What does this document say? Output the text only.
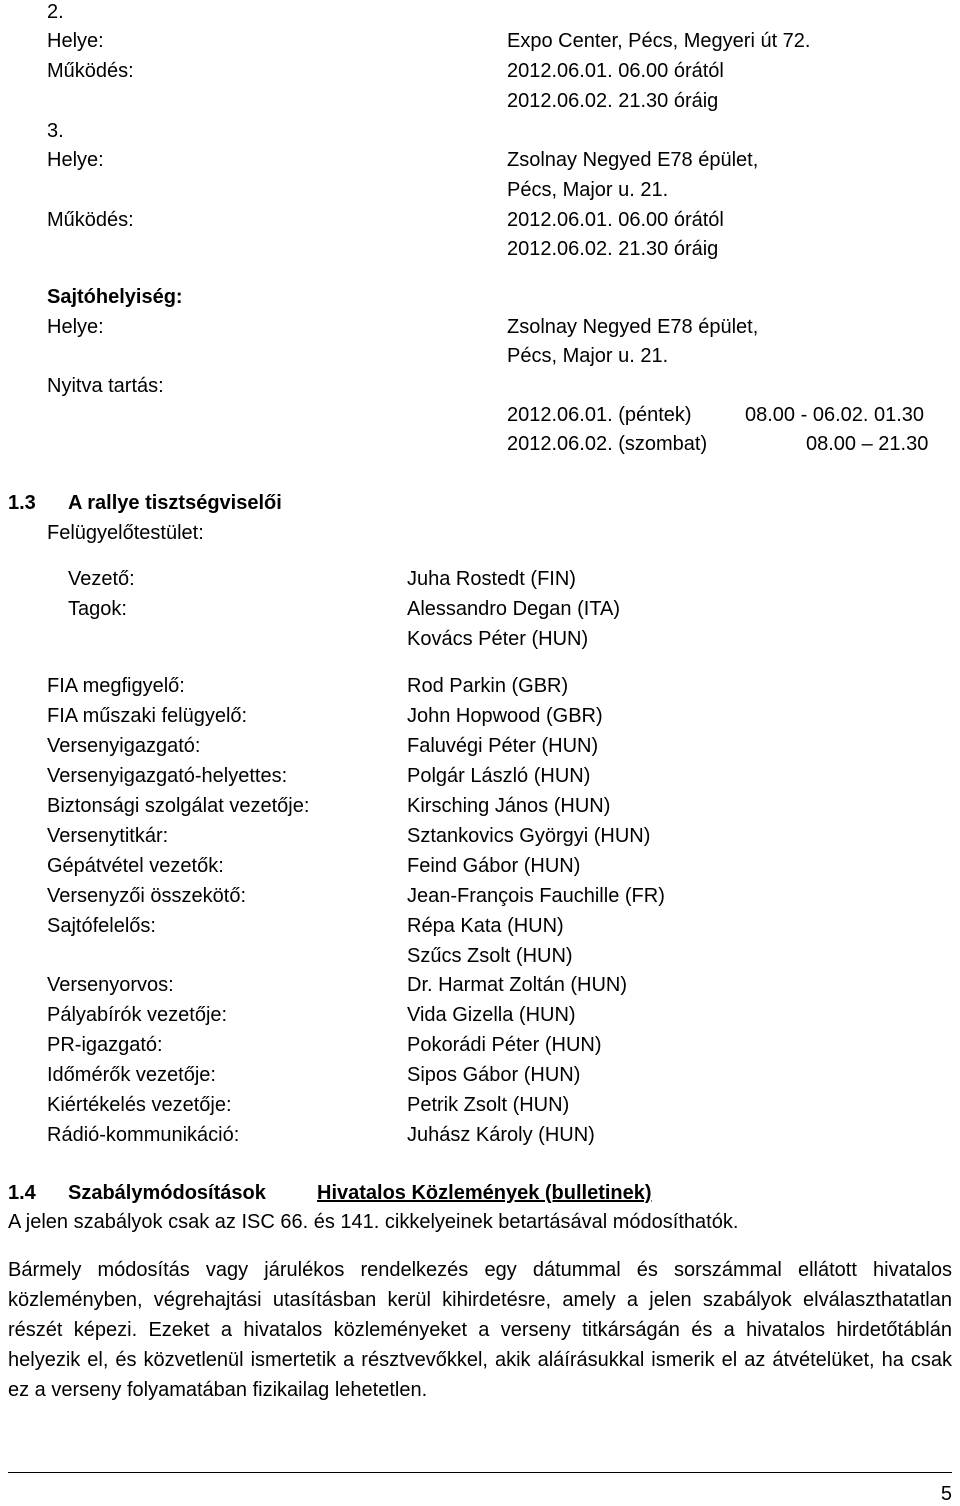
2.
Helye:	Expo Center, Pécs, Megyeri út 72.
Működés:	2012.06.01. 06.00 órától
2012.06.02. 21.30 óráig
3.
Helye:	Zsolnay Negyed E78 épület,
Pécs, Major u. 21.
Működés:	2012.06.01. 06.00 órától
2012.06.02. 21.30 óráig
Sajtóhelyiség:
Helye:	Zsolnay Negyed E78 épület,
Pécs, Major u. 21.
Nyitva tartás:
2012.06.01. (péntek)	08.00 - 06.02. 01.30
2012.06.02. (szombat)	08.00 – 21.30
1.3 A rallye tisztségviselői
Felügyelőtestület:
Vezető:	Juha Rostedt (FIN)
Tagok:	Alessandro Degan (ITA)
Kovács Péter (HUN)
FIA megfigyelő:	Rod Parkin (GBR)
FIA műszaki felügyelő:	John Hopwood (GBR)
Versenyigazgató:	Faluvégi Péter (HUN)
Versenyigazgató-helyettes:	Polgár László (HUN)
Biztonsági szolgálat vezetője:	Kirsching János (HUN)
Versenytitkár:	Sztankovics Györgyi (HUN)
Gépátvétel vezetők:	Feind Gábor (HUN)
Versenyzői összekötő:	Jean-François Fauchille (FR)
Sajtófelelős:	Répa Kata (HUN)
Szűcs Zsolt (HUN)
Versenyorvos:	Dr. Harmat Zoltán (HUN)
Pályabírók vezetője:	Vida Gizella (HUN)
PR-igazgató:	Pokorádi Péter (HUN)
Időmérők vezetője:	Sipos Gábor (HUN)
Kiértékelés vezetője:	Petrik Zsolt (HUN)
Rádió-kommunikáció:	Juhász Károly (HUN)
1.4 Szabálymódosítások	Hivatalos Közlemények (bulletinek)
A jelen szabályok csak az ISC 66. és 141. cikkelyeinek betartásával módosíthatók.
Bármely módosítás vagy járulékos rendelkezés egy dátummal és sorszámmal ellátott hivatalos közleményben, végrehajtási utasításban kerül kihirdetésre, amely a jelen szabályok elválaszthatatlan részét képezi. Ezeket a hivatalos közleményeket a verseny titkárságán és a hivatalos hirdetőtáblán helyezik el, és közvetlenül ismertetik a résztvevőkkel, akik aláírásukkal ismerik el az átvételüket, ha csak ez a verseny folyamatában fizikailag lehetetlen.
5
